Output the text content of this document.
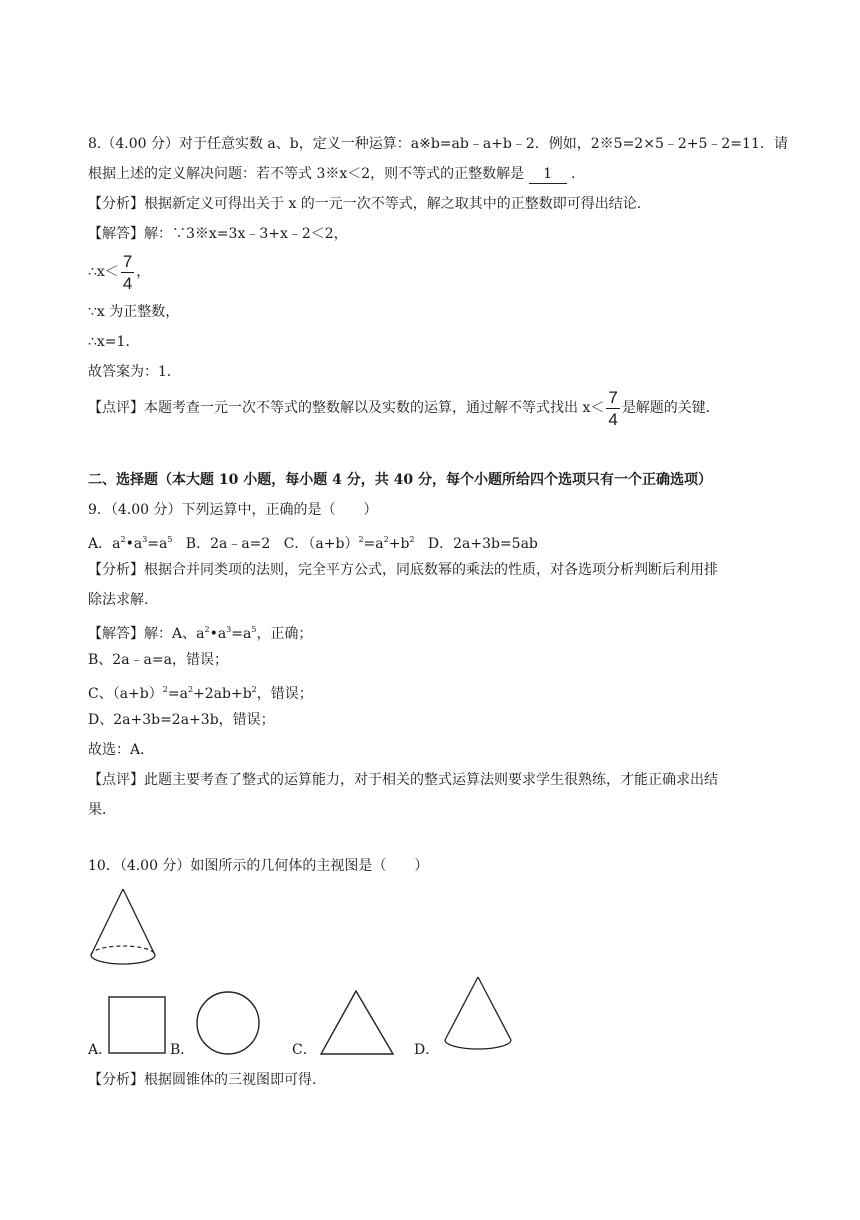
8.（4.00 分）对于任意实数 a、b，定义一种运算：a※b=ab﹣a+b﹣2．例如，2※5=2×5﹣2+5﹣2=11．请
根据上述的定义解决问题：若不等式 3※x＜2，则不等式的正整数解是 1 ．
【分析】根据新定义可得出关于 x 的一元一次不等式，解之取其中的正整数即可得出结论．
【解答】解：∵3※x=3x﹣3+x﹣2＜2，
∴x＜ $\frac{7}{4}$ ，
∵x 为正整数，
∴x=1．
故答案为：1．
【点评】本题考查一元一次不等式的整数解以及实数的运算，通过解不等式找出 $x< \frac{7}{4}$ 是解题的关键．
二、选择题（本大题 10 小题，每小题 4 分，共 40 分，每个小题所给四个选项只有一个正确选项）
9．（4.00 分）下列运算中，正确的是（　　）
A．$a^2•a^3=a^5$ B．2a﹣a=2 C．$(a+b)^2=a^2+b^2$ D．2a+3b=5ab
【分析】根据合并同类项的法则，完全平方公式，同底数幂的乘法的性质，对各选项分析判断后利用排
除法求解．
【解答】解：A、$a^2•a^3=a^5$，正确；
B、2a﹣a=a，错误；
C、$(a+b)^2=a^2+2ab+b^2$，错误；
D、2a+3b=2a+3b，错误；
故选：A．
【点评】此题主要考查了整式的运算能力，对于相关的整式运算法则要求学生很熟练，才能正确求出结
果．
10．（4.00 分）如图所示的几何体的主视图是（　　）
A．	B．	C．	D．
【分析】根据圆锥体的三视图即可得．
